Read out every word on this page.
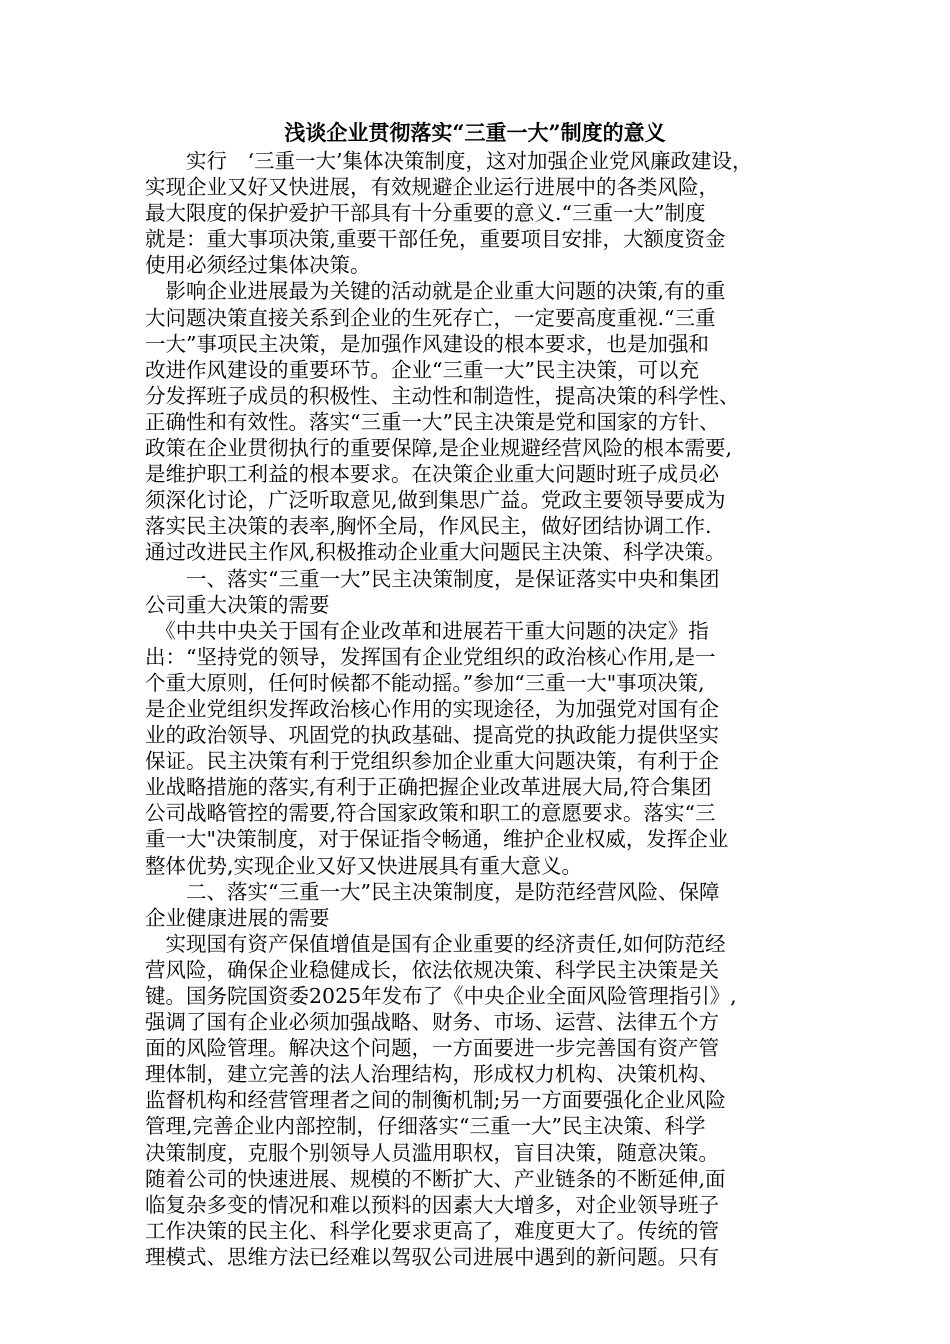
浅谈企业贯彻落实“三重一大”制度的意义
　　实行　‘三重一大’集体决策制度，这对加强企业党风廉政建设，
实现企业又好又快进展，有效规避企业运行进展中的各类风险，
最大限度的保护爱护干部具有十分重要的意义.“三重一大”制度
就是：重大事项决策,重要干部任免，重要项目安排，大额度资金
使用必须经过集体决策。
　影响企业进展最为关键的活动就是企业重大问题的决策,有的重
大问题决策直接关系到企业的生死存亡，一定要高度重视.“三重
一大”事项民主决策，是加强作风建设的根本要求，也是加强和
改进作风建设的重要环节。企业“三重一大”民主决策，可以充
分发挥班子成员的积极性、主动性和制造性，提高决策的科学性、
正确性和有效性。落实“三重一大”民主决策是党和国家的方针、
政策在企业贯彻执行的重要保障,是企业规避经营风险的根本需要,
是维护职工利益的根本要求。在决策企业重大问题时班子成员必
须深化讨论，广泛听取意见,做到集思广益。党政主要领导要成为
落实民主决策的表率,胸怀全局，作风民主，做好团结协调工作.
通过改进民主作风,积极推动企业重大问题民主决策、科学决策。
　　一、落实“三重一大”民主决策制度，是保证落实中央和集团
公司重大决策的需要
　《中共中央关于国有企业改革和进展若干重大问题的决定》指
出：“坚持党的领导，发挥国有企业党组织的政治核心作用,是一
个重大原则，任何时候都不能动摇。”参加“三重一大"事项决策,
是企业党组织发挥政治核心作用的实现途径，为加强党对国有企
业的政治领导、巩固党的执政基础、提高党的执政能力提供坚实
保证。民主决策有利于党组织参加企业重大问题决策，有利于企
业战略措施的落实,有利于正确把握企业改革进展大局,符合集团
公司战略管控的需要,符合国家政策和职工的意愿要求。落实“三
重一大"决策制度，对于保证指令畅通，维护企业权威，发挥企业
整体优势,实现企业又好又快进展具有重大意义。
　　二、落实“三重一大”民主决策制度，是防范经营风险、保障
企业健康进展的需要
　实现国有资产保值增值是国有企业重要的经济责任,如何防范经
营风险，确保企业稳健成长，依法依规决策、科学民主决策是关
键。国务院国资委2025年发布了《中央企业全面风险管理指引》,
强调了国有企业必须加强战略、财务、市场、运营、法律五个方
面的风险管理。解决这个问题，一方面要进一步完善国有资产管
理体制，建立完善的法人治理结构，形成权力机构、决策机构、
监督机构和经营管理者之间的制衡机制;另一方面要强化企业风险
管理,完善企业内部控制，仔细落实“三重一大”民主决策、科学
决策制度，克服个别领导人员滥用职权，盲目决策，随意决策。
随着公司的快速进展、规模的不断扩大、产业链条的不断延伸,面
临复杂多变的情况和难以预料的因素大大增多，对企业领导班子
工作决策的民主化、科学化要求更高了，难度更大了。传统的管
理模式、思维方法已经难以驾驭公司进展中遇到的新问题。只有
